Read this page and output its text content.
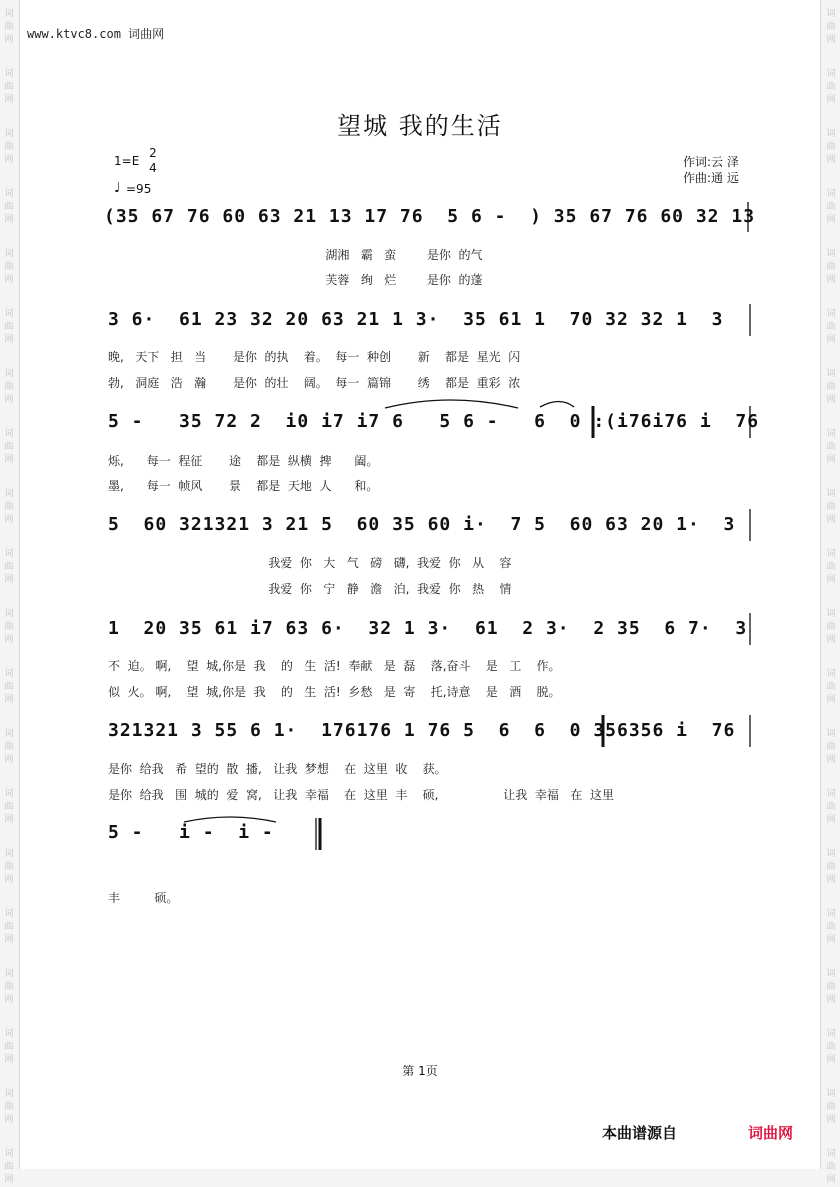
词
曲
网
词
曲
网
词
曲
网
词
曲
网
词
曲
网
词
曲
网
词
曲
网
词
曲
网
词
曲
网
词
曲
网
词
曲
网
词
曲
网
词
曲
网
词
曲
网
词
曲
网
词
曲
网
词
曲
网
词
曲
网
词
曲
网
词
曲
网
词
曲
网
词
曲
网
词
曲
网
词
曲
网
词
曲
网
词
曲
网
词
曲
网
词
曲
网
词
曲
网
词
曲
网
词
曲
网
词
曲
网
词
曲
网
词
曲
网
词
曲
网
词
曲
网
词
曲
网
词
曲
网
词
曲
网
词
曲
网
www.ktvc8.com 词曲网
望城 我的生活
1=E
2
4
♩ =95
作词:云 泽
作曲:通 远
(35 67 76 60 63 21 13 17 76  5 6 -  ) 35 67 76 60 32 13
湖湘   霸   蛮        是你  的气
芙蓉   绚   烂        是你  的蓬
3 6·  61 23 32 20 63 21 1 3·  35 61 1  70 32 32 1  3
晚,   天下   担   当       是你  的执    着。  每一  种创       新    都是  星光  闪
勃,   洞庭   浩   瀚       是你  的壮    阔。  每一  篇锦       绣    都是  重彩  浓
5 -   35 72 2  i0 i7 i7 6   5 6 -   6  0 :(i76i76 i  76
烁,      每一  程征       途    都是  纵横  捭      阖。
墨,      每一  帧风       景    都是  天地  人      和。
5  60 321321 3 21 5  60 35 60 i·  7 5  60 63 20 1·  3
我爱  你   大   气   磅   礴,  我爱  你   从    容
我爱  你   宁   静   澹   泊,  我爱  你   热    情
1  20 35 61 i7 63 6·  32 1 3·  61  2 3·  2 35  6 7·  3
不  迫。 啊,    望  城,你是  我    的   生  活!  奉献   是  磊    落,奋斗    是   工    作。
似  火。 啊,    望  城,你是  我    的   生  活!  乡愁   是  寄    托,诗意    是   酒    脱。
321321 3 55 6 1·  176176 1 76 5  6  6  0 356356 i  76
是你  给我   希  望的  散  播,   让我  梦想    在  这里  收    获。
是你  给我   围  城的  爱  窝,   让我  幸福    在  这里  丰    硕,                 让我  幸福   在  这里
5 -   i -  i -
丰         硕。
第 1页
本曲谱源自	词曲网
